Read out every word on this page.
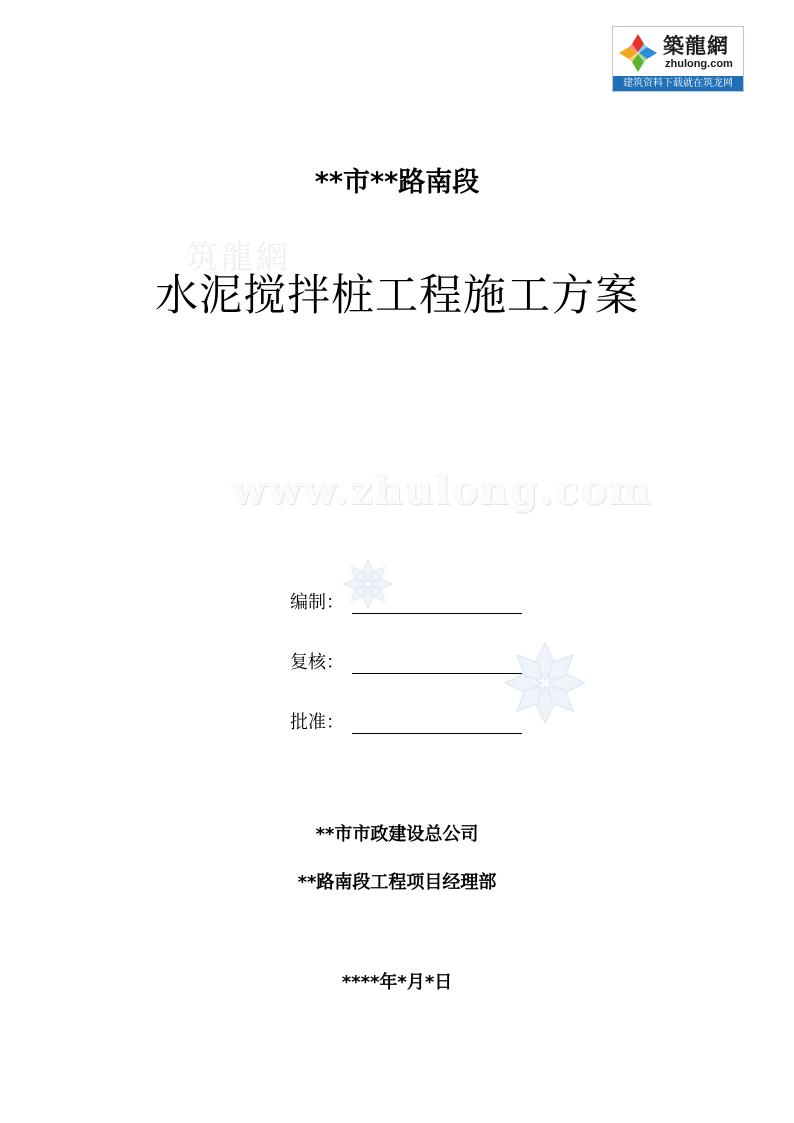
築龍網
zhulong.com
建筑资料下载就在筑龙网
筑龍網
www.zhulong.com
**市**路南段
水泥搅拌桩工程施工方案
编制：
复核：
批准：
**市市政建设总公司
**路南段工程项目经理部
****年*月*日
